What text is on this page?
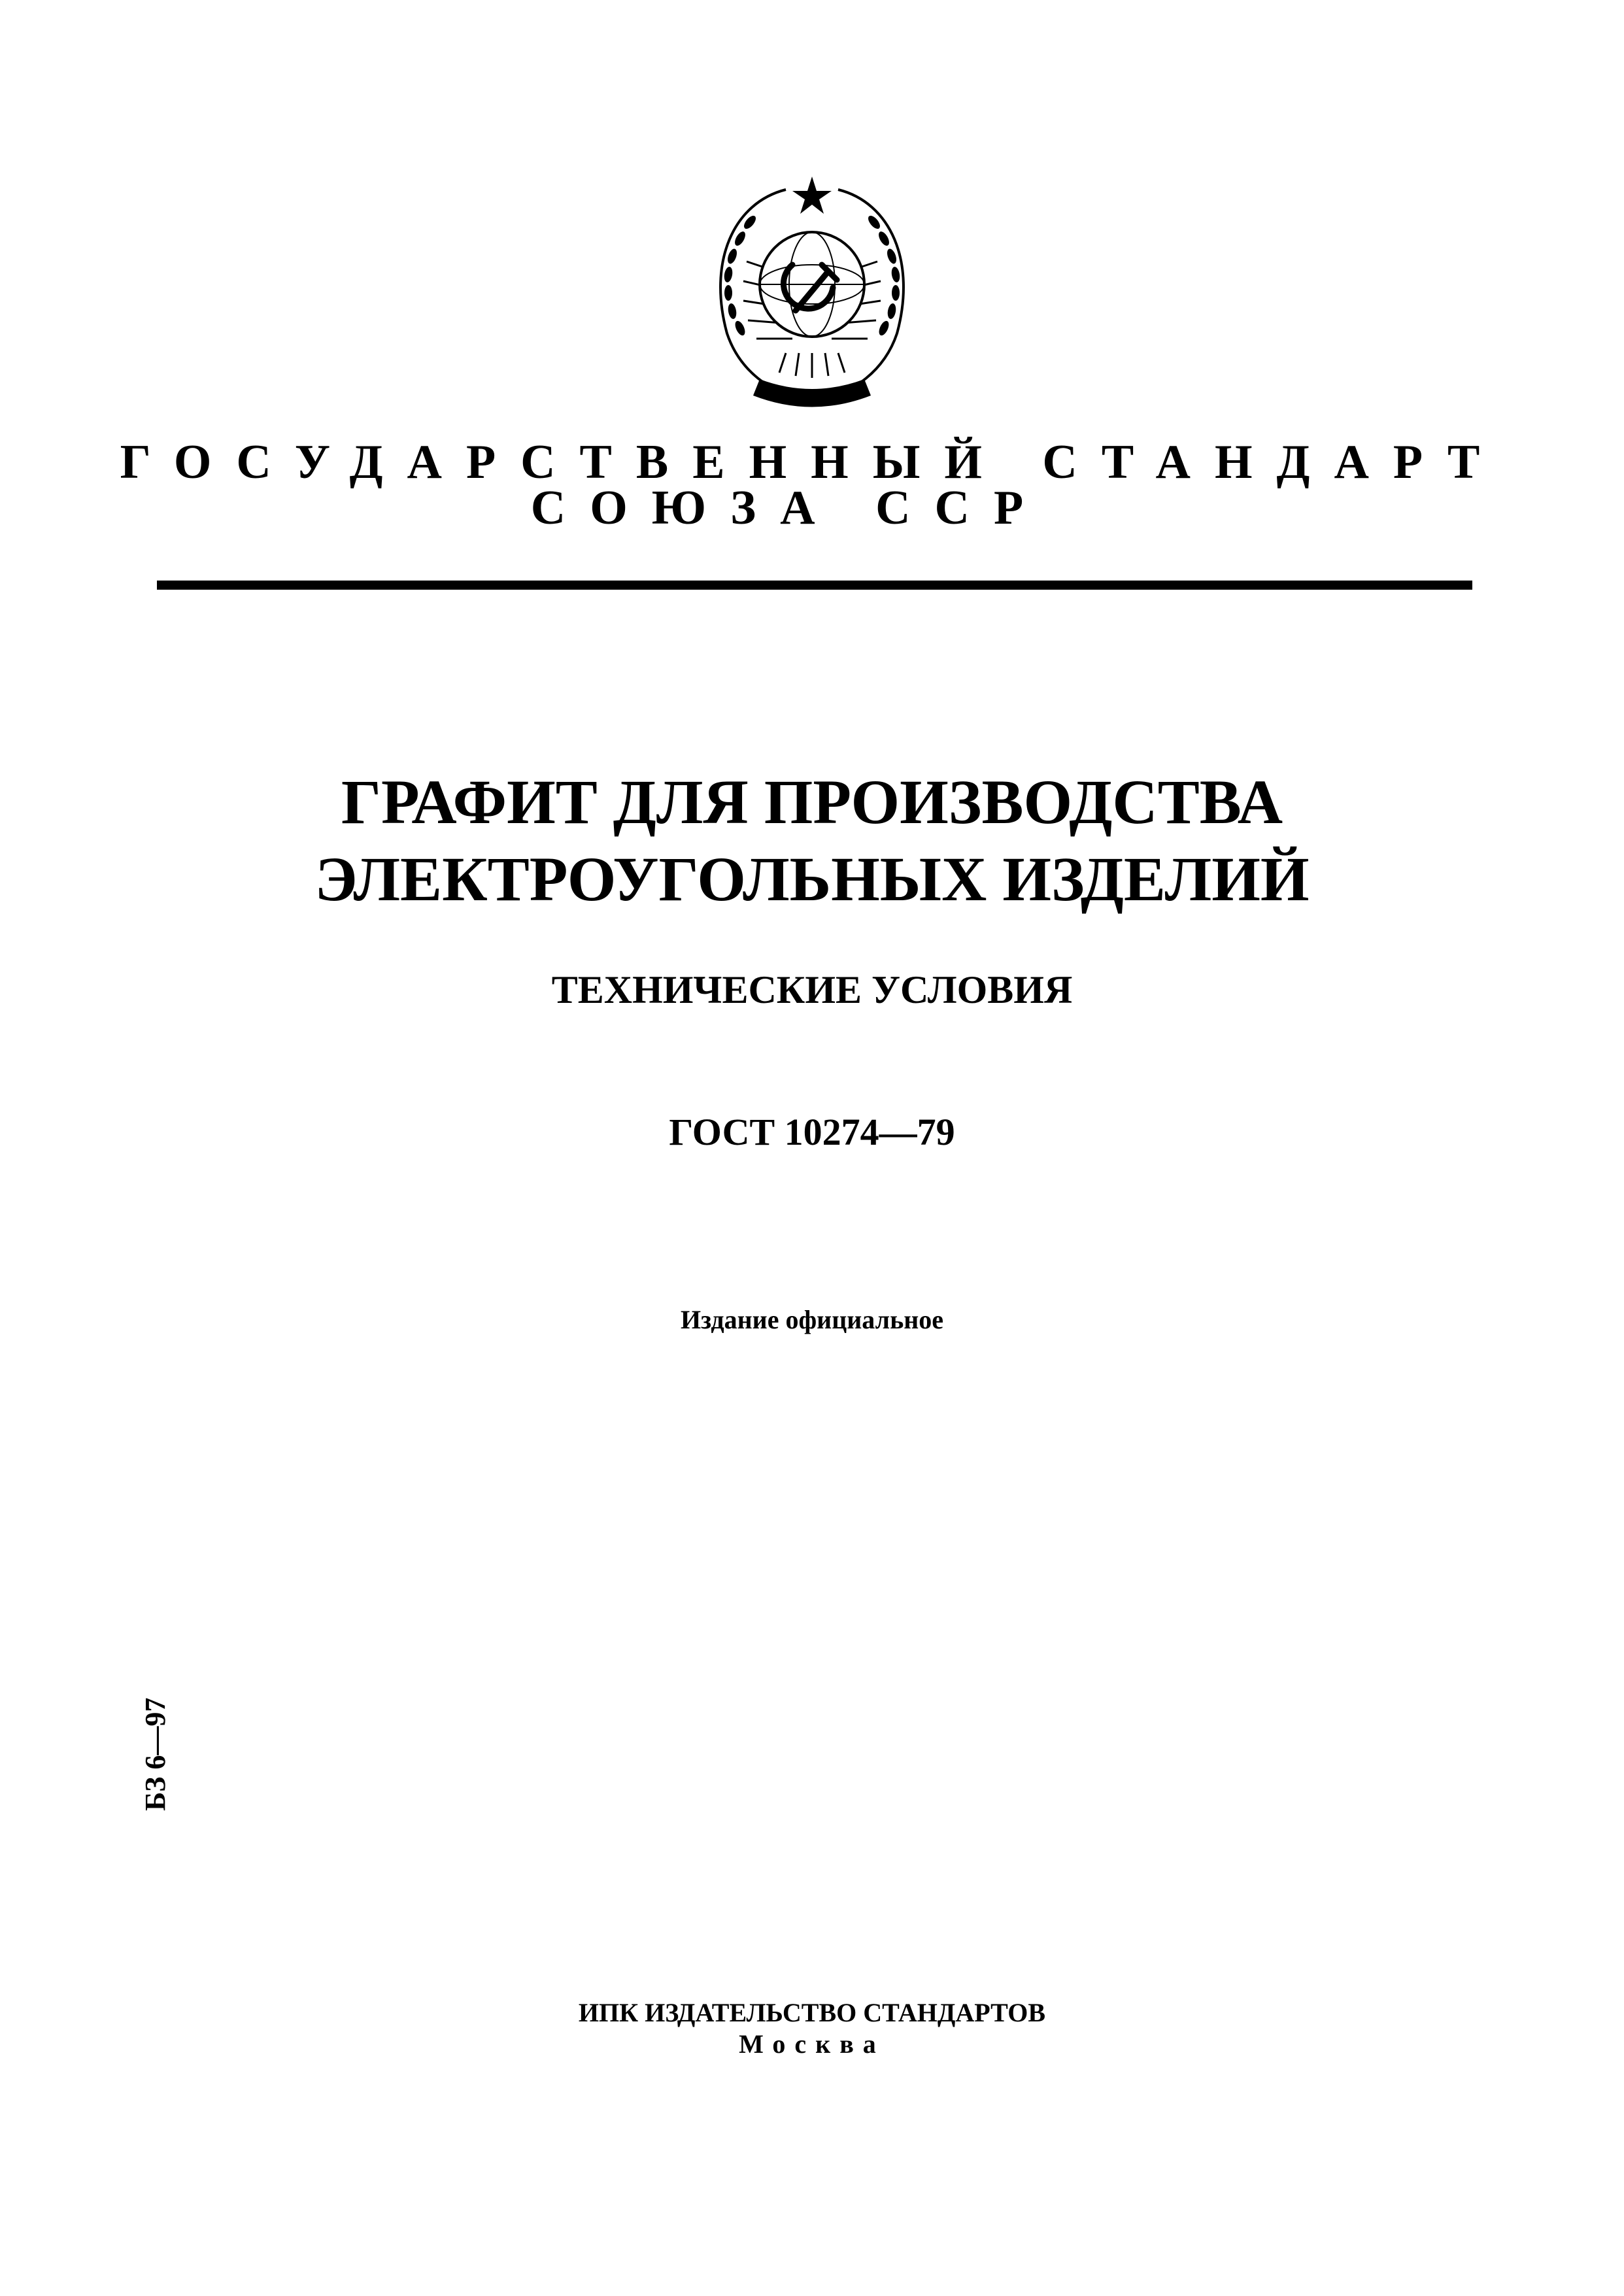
ГОСУДАРСТВЕННЫЙ СТАНДАРТ
СОЮЗА ССР
ГРАФИТ ДЛЯ ПРОИЗВОДСТВА
ЭЛЕКТРОУГОЛЬНЫХ ИЗДЕЛИЙ
ТЕХНИЧЕСКИЕ УСЛОВИЯ
ГОСТ 10274—79
Издание официальное
БЗ 6—97
ИПК ИЗДАТЕЛЬСТВО СТАНДАРТОВ
Москва
